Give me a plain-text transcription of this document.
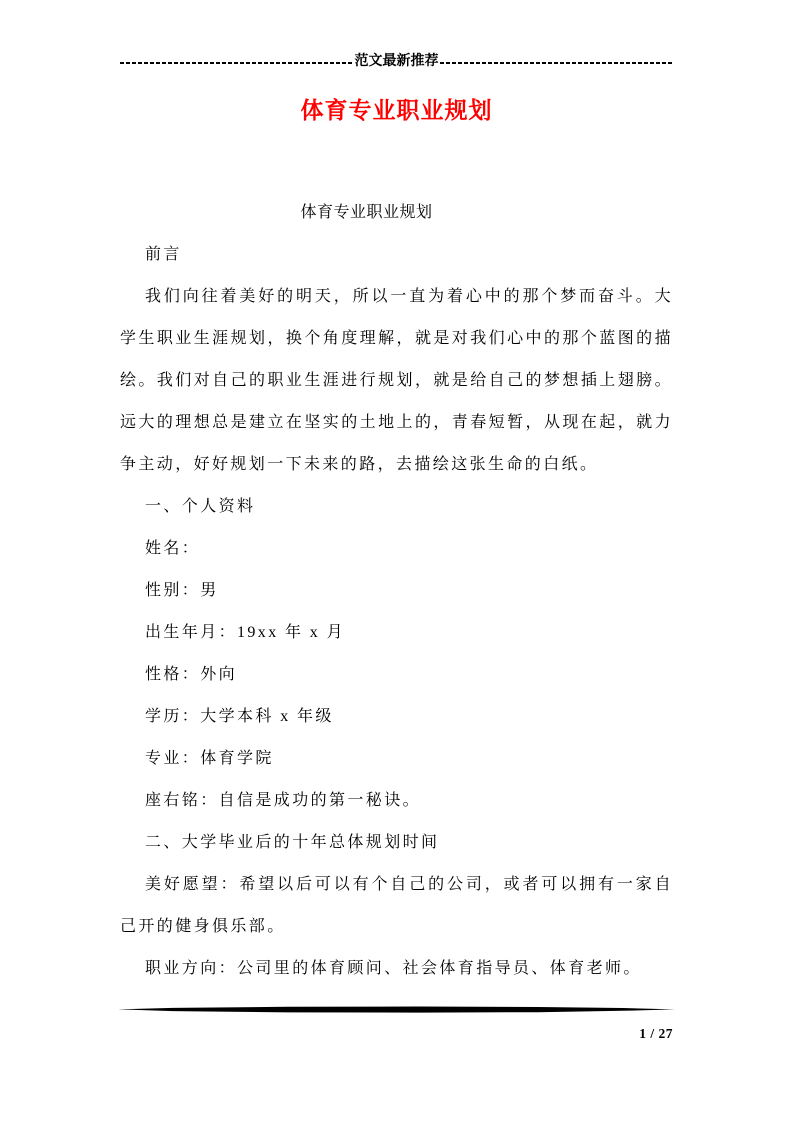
范文最新推荐
体育专业职业规划

体育专业职业规划

前言

我们向往着美好的明天，所以一直为着心中的那个梦而奋斗。大学生职业生涯规划，换个角度理解，就是对我们心中的那个蓝图的描绘。我们对自己的职业生涯进行规划，就是给自己的梦想插上翅膀。远大的理想总是建立在坚实的土地上的，青春短暂，从现在起，就力争主动，好好规划一下未来的路，去描绘这张生命的白纸。

一、个人资料

姓名：

性别：男

出生年月：19xx 年 x 月

性格：外向

学历：大学本科 x 年级

专业：体育学院

座右铭：自信是成功的第一秘诀。

二、大学毕业后的十年总体规划时间

美好愿望：希望以后可以有个自己的公司，或者可以拥有一家自己开的健身俱乐部。

职业方向：公司里的体育顾问、社会体育指导员、体育老师。

1 / 27
